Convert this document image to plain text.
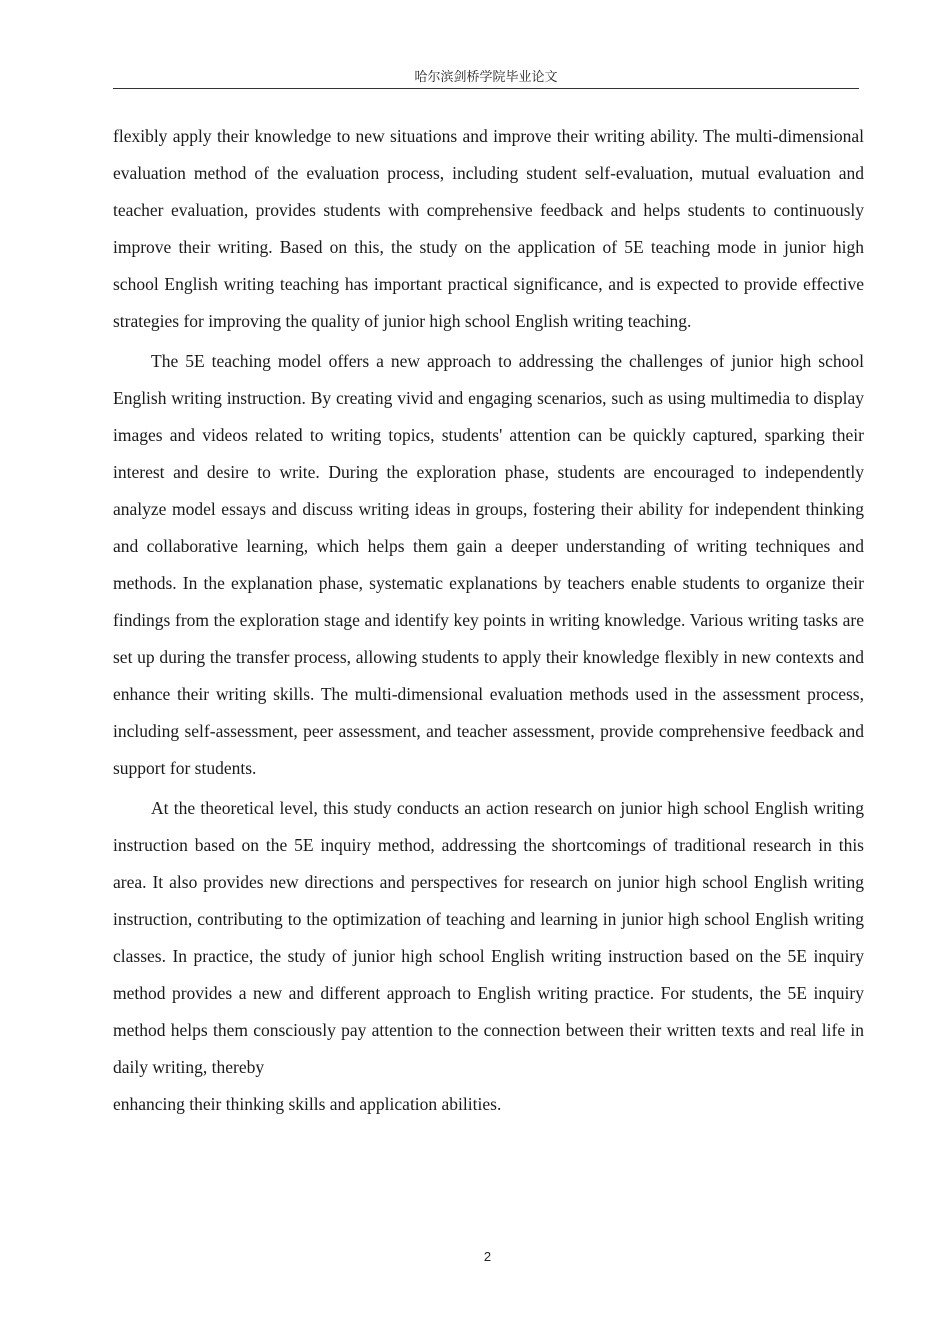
哈尔滨剑桥学院毕业论文

flexibly apply their knowledge to new situations and improve their writing ability. The multi-dimensional evaluation method of the evaluation process, including student self-evaluation, mutual evaluation and teacher evaluation, provides students with comprehensive feedback and helps students to continuously improve their writing. Based on this, the study on the application of 5E teaching mode in junior high school English writing teaching has important practical significance, and is expected to provide effective strategies for improving the quality of junior high school English writing teaching.

The 5E teaching model offers a new approach to addressing the challenges of junior high school English writing instruction. By creating vivid and engaging scenarios, such as using multimedia to display images and videos related to writing topics, students' attention can be quickly captured, sparking their interest and desire to write. During the exploration phase, students are encouraged to independently analyze model essays and discuss writing ideas in groups, fostering their ability for independent thinking and collaborative learning, which helps them gain a deeper understanding of writing techniques and methods. In the explanation phase, systematic explanations by teachers enable students to organize their findings from the exploration stage and identify key points in writing knowledge. Various writing tasks are set up during the transfer process, allowing students to apply their knowledge flexibly in new contexts and enhance their writing skills. The multi-dimensional evaluation methods used in the assessment process, including self-assessment, peer assessment, and teacher assessment, provide comprehensive feedback and support for students.

At the theoretical level, this study conducts an action research on junior high school English writing instruction based on the 5E inquiry method, addressing the shortcomings of traditional research in this area. It also provides new directions and perspectives for research on junior high school English writing instruction, contributing to the optimization of teaching and learning in junior high school English writing classes. In practice, the study of junior high school English writing instruction based on the 5E inquiry method provides a new and different approach to English writing practice. For students, the 5E inquiry method helps them consciously pay attention to the connection between their written texts and real life in daily writing, thereby

enhancing their thinking skills and application abilities.

2
